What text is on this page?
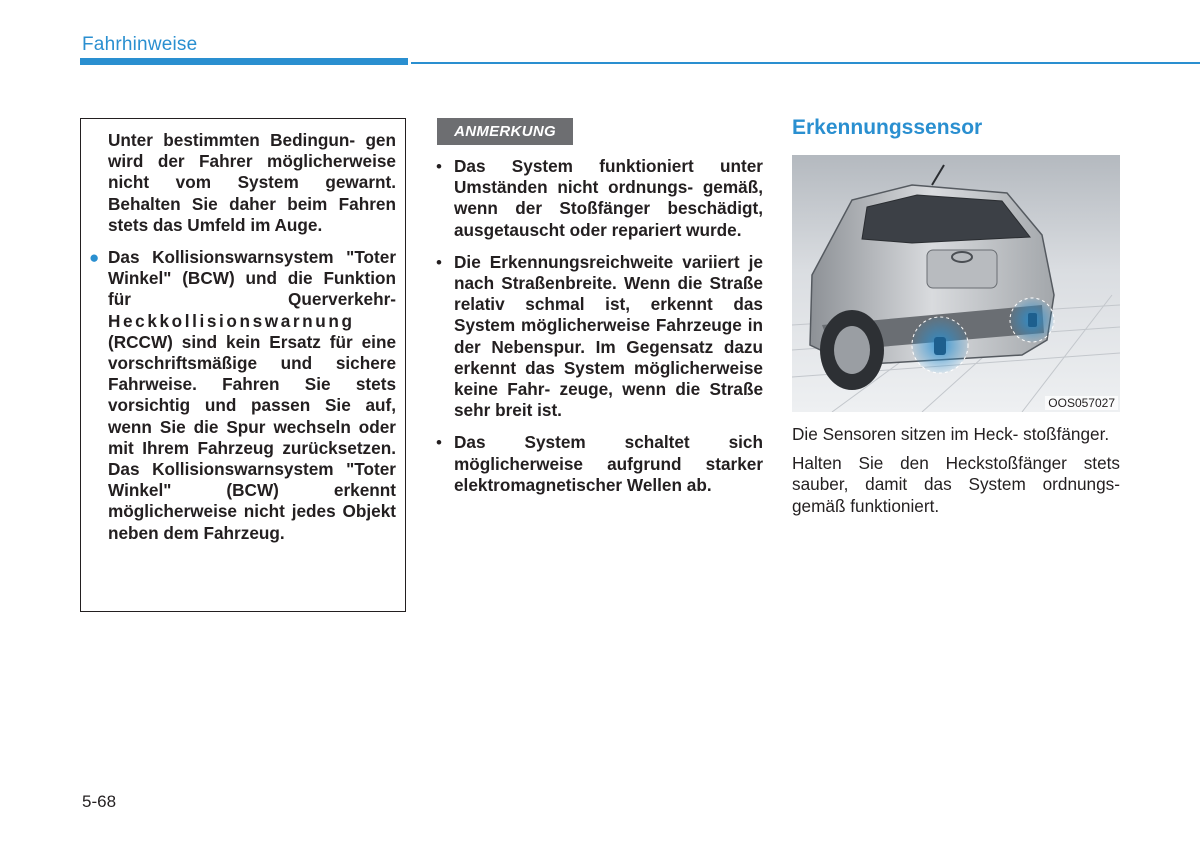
Fahrhinweise

Unter bestimmten Bedingun- gen wird der Fahrer möglicherweise nicht vom System gewarnt. Behalten Sie daher beim Fahren stets das Umfeld im Auge.

● Das Kollisionswarnsystem "Toter Winkel" (BCW) und die Funktion für Querverkehr- Heckkollisionswarnung (RCCW) sind kein Ersatz für eine vorschriftsmäßige und sichere Fahrweise. Fahren Sie stets vorsichtig und passen Sie auf, wenn Sie die Spur wechseln oder mit Ihrem Fahrzeug zurücksetzen. Das Kollisionswarnsystem "Toter Winkel" (BCW) erkennt möglicherweise nicht jedes Objekt neben dem Fahrzeug.

ANMERKUNG
• Das System funktioniert unter Umständen nicht ordnungs- gemäß, wenn der Stoßfänger beschädigt, ausgetauscht oder repariert wurde.

• Die Erkennungsreichweite variiert je nach Straßenbreite. Wenn die Straße relativ schmal ist, erkennt das System möglicherweise Fahrzeuge in der Nebenspur. Im Gegensatz dazu erkennt das System möglicherweise keine Fahr- zeuge, wenn die Straße sehr breit ist.

• Das System schaltet sich möglicherweise aufgrund starker elektromagnetischer Wellen ab.

Erkennungssensor
OOS057027

Die Sensoren sitzen im Heck- stoßfänger.

Halten Sie den Heckstoßfänger stets sauber, damit das System ordnungs- gemäß funktioniert.

5-68
